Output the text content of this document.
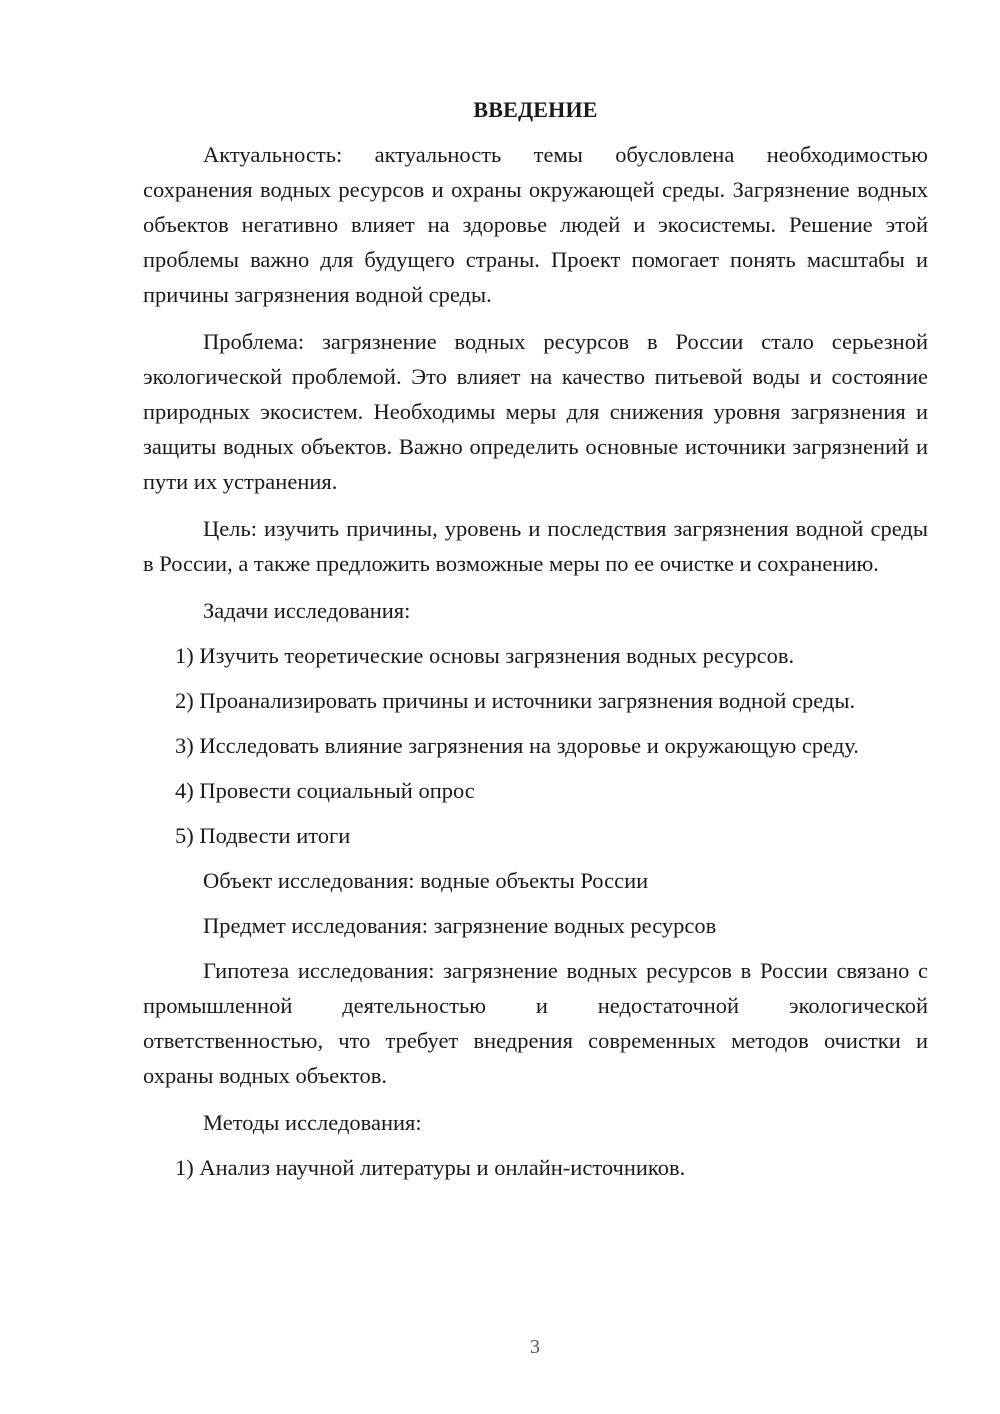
ВВЕДЕНИЕ

Актуальность: актуальность темы обусловлена необходимостью сохранения водных ресурсов и охраны окружающей среды. Загрязнение водных объектов негативно влияет на здоровье людей и экосистемы. Решение этой проблемы важно для будущего страны. Проект помогает понять масштабы и причины загрязнения водной среды.

Проблема: загрязнение водных ресурсов в России стало серьезной экологической проблемой. Это влияет на качество питьевой воды и состояние природных экосистем. Необходимы меры для снижения уровня загрязнения и защиты водных объектов. Важно определить основные источники загрязнений и пути их устранения.

Цель: изучить причины, уровень и последствия загрязнения водной среды в России, а также предложить возможные меры по ее очистке и сохранению.

Задачи исследования:

1) Изучить теоретические основы загрязнения водных ресурсов.

2) Проанализировать причины и источники загрязнения водной среды.

3) Исследовать влияние загрязнения на здоровье и окружающую среду.

4) Провести социальный опрос

5) Подвести итоги

Объект исследования: водные объекты России

Предмет исследования: загрязнение водных ресурсов

Гипотеза исследования: загрязнение водных ресурсов в России связано с промышленной деятельностью и недостаточной экологической ответственностью, что требует внедрения современных методов очистки и охраны водных объектов.

Методы исследования:

1) Анализ научной литературы и онлайн-источников.

3
